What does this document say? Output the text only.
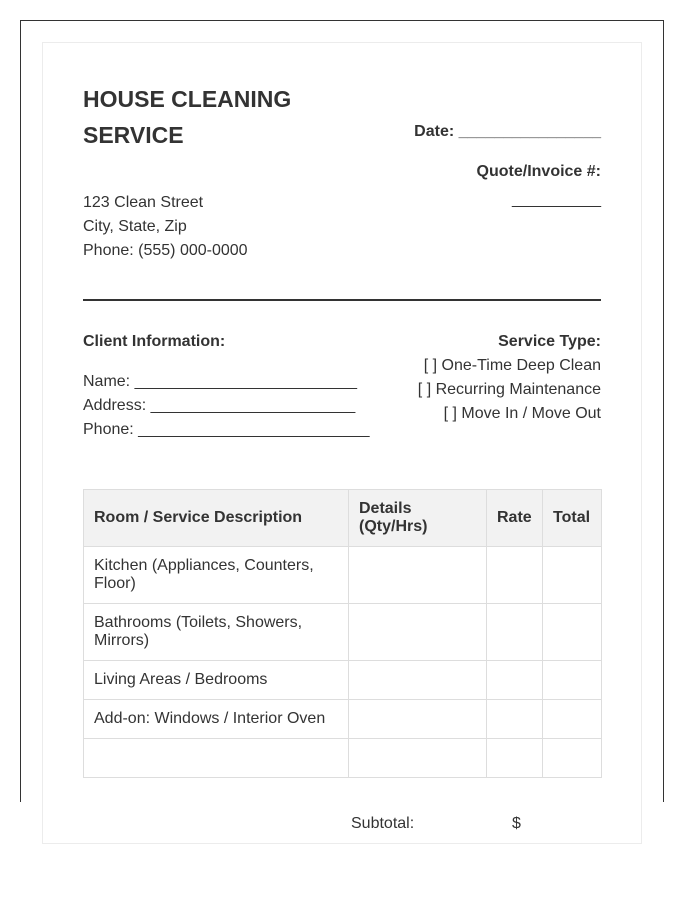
HOUSE CLEANING SERVICE
123 Clean Street
City, State, Zip
Phone: (555) 000-0000
Date: ________________
Quote/Invoice #:
__________
Client Information:
Name: _________________________
Address: _______________________
Phone: __________________________
Service Type:
[ ] One-Time Deep Clean
[ ] Recurring Maintenance
[ ] Move In / Move Out
Room / Service Description	Details (Qty/Hrs)	Rate	Total
Kitchen (Appliances, Counters, Floor)			
Bathrooms (Toilets, Showers, Mirrors)			
Living Areas / Bedrooms			
Add-on: Windows / Interior Oven			

Subtotal:	$
